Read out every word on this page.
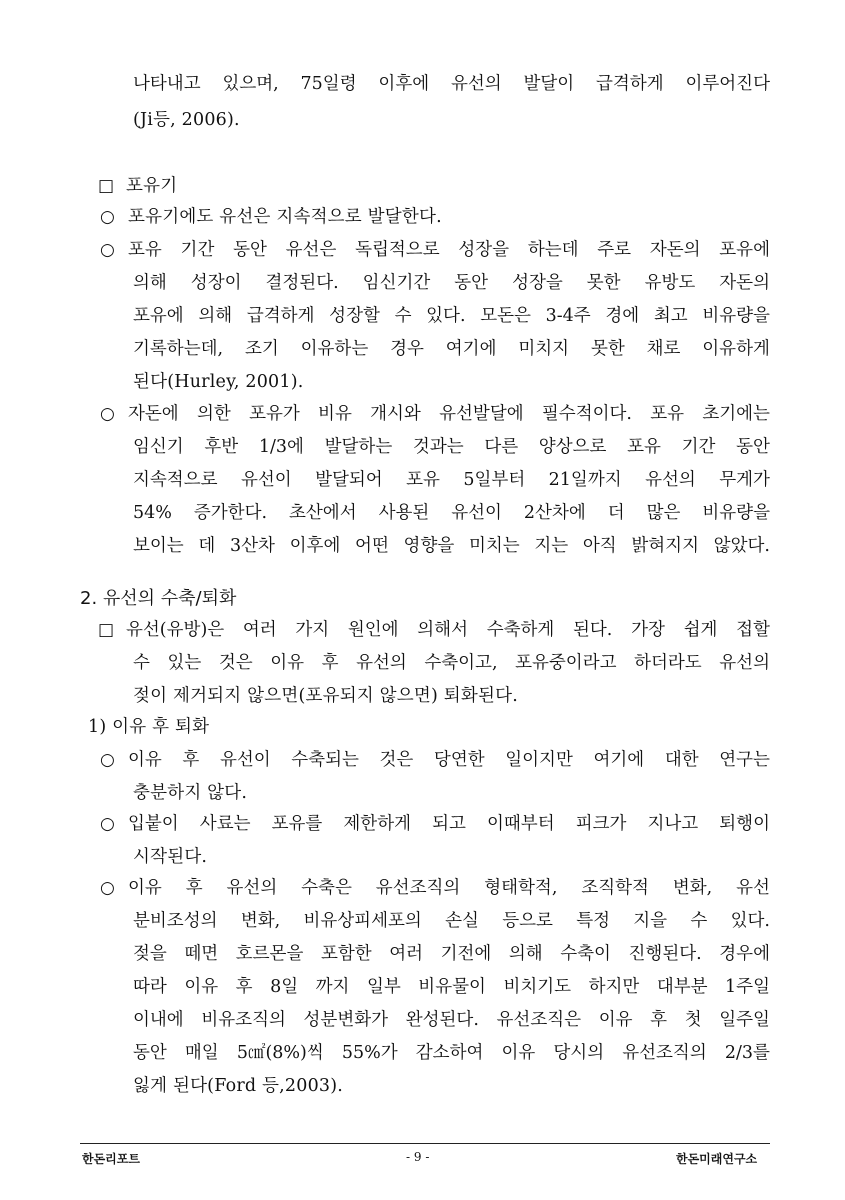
나타내고 있으며, 75일령 이후에 유선의 발달이 급격하게 이루어진다
(Ji등, 2006).
□ 포유기
○ 포유기에도 유선은 지속적으로 발달한다.
○ 포유 기간 동안 유선은 독립적으로 성장을 하는데 주로 자돈의 포유에
의해 성장이 결정된다. 임신기간 동안 성장을 못한 유방도 자돈의
포유에 의해 급격하게 성장할 수 있다. 모돈은 3-4주 경에 최고 비유량을
기록하는데, 조기 이유하는 경우 여기에 미치지 못한 채로 이유하게
된다(Hurley, 2001).
○ 자돈에 의한 포유가 비유 개시와 유선발달에 필수적이다. 포유 초기에는
임신기 후반 1/3에 발달하는 것과는 다른 양상으로 포유 기간 동안
지속적으로 유선이 발달되어 포유 5일부터 21일까지 유선의 무게가
54% 증가한다. 초산에서 사용된 유선이 2산차에 더 많은 비유량을
보이는 데 3산차 이후에 어떤 영향을 미치는 지는 아직 밝혀지지 않았다.
2. 유선의 수축/퇴화
□ 유선(유방)은 여러 가지 원인에 의해서 수축하게 된다. 가장 쉽게 접할
수 있는 것은 이유 후 유선의 수축이고, 포유중이라고 하더라도 유선의
젖이 제거되지 않으면(포유되지 않으면) 퇴화된다.
1) 이유 후 퇴화
○ 이유 후 유선이 수축되는 것은 당연한 일이지만 여기에 대한 연구는
충분하지 않다.
○ 입붙이 사료는 포유를 제한하게 되고 이때부터 피크가 지나고 퇴행이
시작된다.
○ 이유 후 유선의 수축은 유선조직의 형태학적, 조직학적 변화, 유선
분비조성의 변화, 비유상피세포의 손실 등으로 특정 지을 수 있다.
젖을 떼면 호르몬을 포함한 여러 기전에 의해 수축이 진행된다. 경우에
따라 이유 후 8일 까지 일부 비유물이 비치기도 하지만 대부분 1주일
이내에 비유조직의 성분변화가 완성된다. 유선조직은 이유 후 첫 일주일
동안 매일 5㎠(8%)씩 55%가 감소하여 이유 당시의 유선조직의 2/3를
잃게 된다(Ford 등,2003).
한돈리포트	- 9 -	한돈미래연구소
